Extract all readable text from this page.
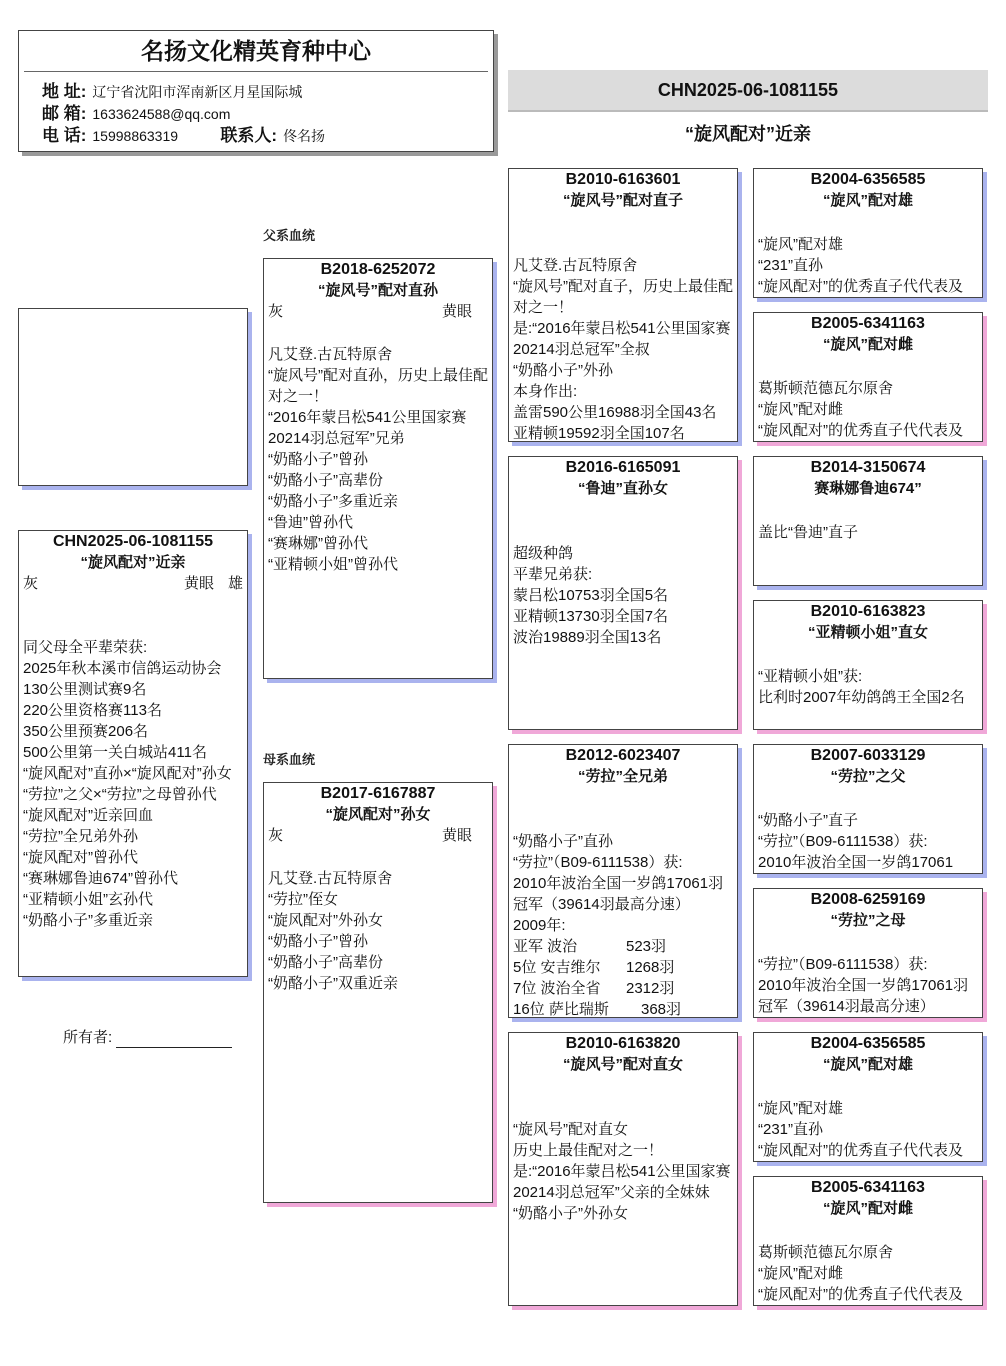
名扬文化精英育种中心
地 址: 辽宁省沈阳市浑南新区月星国际城
邮 箱: 1633624588@qq.com
电 话: 15998863319	联系人: 佟名扬
CHN2025-06-1081155
“旋风配对”近亲
CHN2025-06-1081155
“旋风配对”近亲
灰	黄眼 雄
同父母全平辈荣获:
2025年秋本溪市信鸽运动协会130公里测试赛9名
220公里资格赛113名
350公里预赛206名
500公里第一关白城站411名
“旋风配对”直孙×“旋风配对”孙女
“劳拉”之父×“劳拉”之母曾孙代
“旋风配对”近亲回血
“劳拉”全兄弟外孙
“旋风配对”曾孙代
“赛琳娜鲁迪674”曾孙代
“亚精顿小姐”玄孙代
“奶酪小子”多重近亲
所有者:
父系血统
母系血统
B2018-6252072
“旋风号”配对直孙
灰	黄眼
凡艾登.古瓦特原舍
“旋风号”配对直孙，历史上最佳配对之一！
“2016年蒙吕松541公里国家赛20214羽总冠军”兄弟
“奶酪小子”曾孙
“奶酪小子”高辈份
“奶酪小子”多重近亲
“鲁迪”曾孙代
“赛琳娜”曾孙代
“亚精顿小姐”曾孙代
B2017-6167887
“旋风配对”孙女
灰	黄眼
凡艾登.古瓦特原舍
“劳拉”侄女
“旋风配对”外孙女
“奶酪小子”曾孙
“奶酪小子”高辈份
“奶酪小子”双重近亲
B2010-6163601
“旋风号”配对直子
凡艾登.古瓦特原舍
“旋风号”配对直子，历史上最佳配对之一！
是:“2016年蒙吕松541公里国家赛20214羽总冠军”全叔
“奶酪小子”外孙
本身作出:
盖雷590公里16988羽全国43名
亚精顿19592羽全国107名
B2016-6165091
“鲁迪”直孙女
超级种鸽
平辈兄弟获:
蒙吕松10753羽全国5名
亚精顿13730羽全国7名
波治19889羽全国13名
B2012-6023407
“劳拉”全兄弟
“奶酪小子”直孙
“劳拉”（B09-6111538）获:
2010年波治全国一岁鸽17061羽冠军（39614羽最高分速）
2009年:
亚军 波治	523羽
5位 安吉维尔	1268羽
7位 波治全省	2312羽
16位 萨比瑞斯	368羽
B2010-6163820
“旋风号”配对直女
“旋风号”配对直女
历史上最佳配对之一！
是:“2016年蒙吕松541公里国家赛20214羽总冠军”父亲的全妹妹
“奶酪小子”外孙女
B2004-6356585
“旋风”配对雄
“旋风”配对雄
“231”直孙
“旋风配对”的优秀直子代代表及
B2005-6341163
“旋风”配对雌
葛斯顿范德瓦尔原舍
“旋风”配对雌
“旋风配对”的优秀直子代代表及
B2014-3150674
赛琳娜鲁迪674”
盖比“鲁迪”直子
B2010-6163823
“亚精顿小姐”直女
“亚精顿小姐”获:
比利时2007年幼鸽鸽王全国2名
B2007-6033129
“劳拉”之父
“奶酪小子”直子
“劳拉”（B09-6111538）获:
2010年波治全国一岁鸽17061
B2008-6259169
“劳拉”之母
“劳拉”（B09-6111538）获:
2010年波治全国一岁鸽17061羽冠军（39614羽最高分速）
B2004-6356585
“旋风”配对雄
“旋风”配对雄
“231”直孙
“旋风配对”的优秀直子代代表及
B2005-6341163
“旋风”配对雌
葛斯顿范德瓦尔原舍
“旋风”配对雌
“旋风配对”的优秀直子代代表及
